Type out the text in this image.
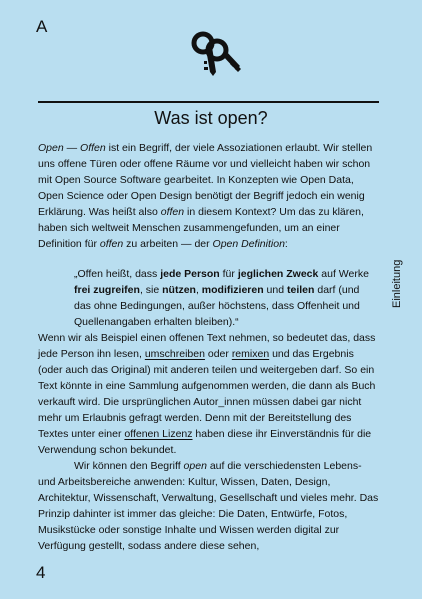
A
Was ist open?

Open — Offen ist ein Begriff, der viele Assoziationen erlaubt. Wir stellen uns offene Türen oder offene Räume vor und vielleicht haben wir schon mit Open Source Software gearbeitet. In Konzepten wie Open Data, Open Science oder Open Design benötigt der Begriff jedoch ein wenig Erklärung. Was heißt also offen in diesem Kontext? Um das zu klären, haben sich weltweit Menschen zusammengefunden, um an einer Definition für offen zu arbeiten — der Open Definition:

„Offen heißt, dass jede Person für jeglichen Zweck auf Werke frei zugreifen, sie nützen, modifizieren und teilen darf (und das ohne Bedingungen, außer höchstens, dass Offenheit und Quellenangaben erhalten bleiben).“

Wenn wir als Beispiel einen offenen Text nehmen, so bedeutet das, dass jede Person ihn lesen, umschreiben oder remixen und das Ergebnis (oder auch das Original) mit anderen teilen und weitergeben darf. So ein Text könnte in eine Sammlung aufgenommen werden, die dann als Buch verkauft wird. Die ursprünglichen Autor_innen müssen dabei gar nicht mehr um Erlaubnis gefragt werden. Denn mit der Bereitstellung des Textes unter einer offenen Lizenz haben diese ihr Einverständnis für die Verwendung schon bekundet.

Wir können den Begriff open auf die verschiedensten Lebens- und Arbeitsbereiche anwenden: Kultur, Wissen, Daten, Design, Architektur, Wissenschaft, Verwaltung, Gesellschaft und vieles mehr. Das Prinzip dahinter ist immer das gleiche: Die Daten, Entwürfe, Fotos, Musikstücke oder sonstige Inhalte und Wissen werden digital zur Verfügung gestellt, sodass andere diese sehen,

Einleitung
4
